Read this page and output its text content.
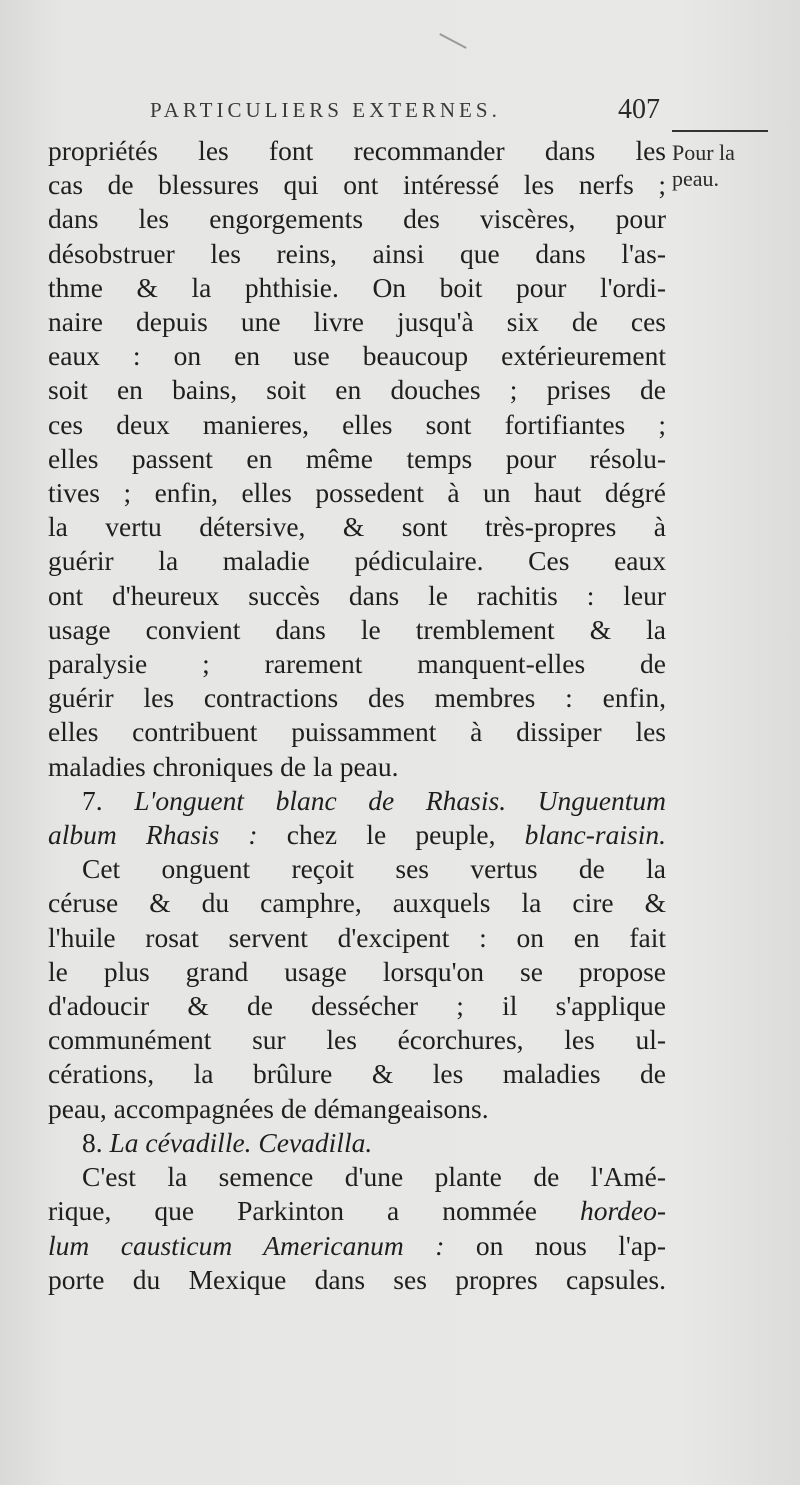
PARTICULIERS EXTERNES.	407
Pour la
peau.
propriétés les font recommander dans les
cas de blessures qui ont intéressé les nerfs ;
dans les engorgements des viscères, pour
désobstruer les reins, ainsi que dans l'as-
thme & la phthisie. On boit pour l'ordi-
naire depuis une livre jusqu'à six de ces
eaux : on en use beaucoup extérieurement
soit en bains, soit en douches ; prises de
ces deux manieres, elles sont fortifiantes ;
elles passent en même temps pour résolu-
tives ; enfin, elles possedent à un haut dégré
la vertu détersive, & sont très-propres à
guérir la maladie pédiculaire. Ces eaux
ont d'heureux succès dans le rachitis : leur
usage convient dans le tremblement & la
paralysie ; rarement manquent-elles de
guérir les contractions des membres : enfin,
elles contribuent puissamment à dissiper les
maladies chroniques de la peau.
7. L'onguent blanc de Rhasis. Unguentum
album Rhasis : chez le peuple, blanc-raisin.
Cet onguent reçoit ses vertus de la
céruse & du camphre, auxquels la cire &
l'huile rosat servent d'excipent : on en fait
le plus grand usage lorsqu'on se propose
d'adoucir & de dessécher ; il s'applique
communément sur les écorchures, les ul-
cérations, la brûlure & les maladies de
peau, accompagnées de démangeaisons.
8. La cévadille. Cevadilla.
C'est la semence d'une plante de l'Amé-
rique, que Parkinton a nommée hordeo-
lum causticum Americanum : on nous l'ap-
porte du Mexique dans ses propres capsules.
